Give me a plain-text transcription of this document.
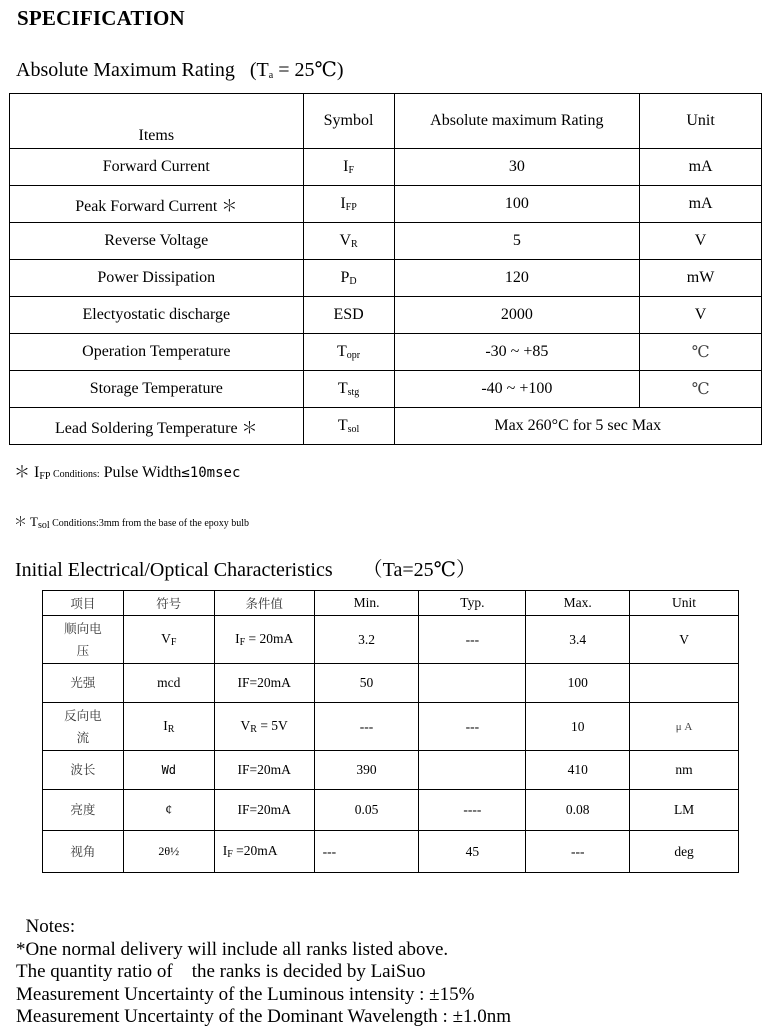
SPECIFICATION
Absolute Maximum Rating ($T_a$ = 25℃)
Items	Symbol	Absolute maximum Rating	Unit
Forward Current	$I_F$	30	mA
Peak Forward Current ＊	$I_{FP}$	100	mA
Reverse Voltage	$V_R$	5	V
Power Dissipation	$P_D$	120	mW
Electyostatic discharge	ESD	2000	V
Operation Temperature	$T_{opr}$	-30 ~ +85	℃
Storage Temperature	$T_{stg}$	-40 ~ +100	℃
Lead Soldering Temperature ＊	$T_{sol}$	Max 260°C for 5 sec Max	
＊ $I_{FP}$ Conditions: Pulse Width≤10msec
＊ $T_{sol}$ Conditions:3mm from the base of the epoxy bulb
Initial Electrical/Optical Characteristics （Ta=25℃）
项目	符号	条件值	Min.	Typ.	Max.	Unit

顺向电
压	$V_F$	$I_F = 20mA$	3.2	---	3.4	V

光强	mcd	IF=20mA	50		100	

反向电
流	$I_R$	$V_R = 5V$	---	---	10	μ A

波长	Wd	IF=20mA	390		410	nm

亮度	¢	IF=20mA	0.05	----	0.08	LM

视角	2θ½	$I_F =20mA$	---	45	---	deg
Notes:
*One normal delivery will include all ranks listed above.
The quantity ratio of    the ranks is decided by LaiSuo
Measurement Uncertainty of the Luminous intensity : ±15%
Measurement Uncertainty of the Dominant Wavelength : ±1.0nm
